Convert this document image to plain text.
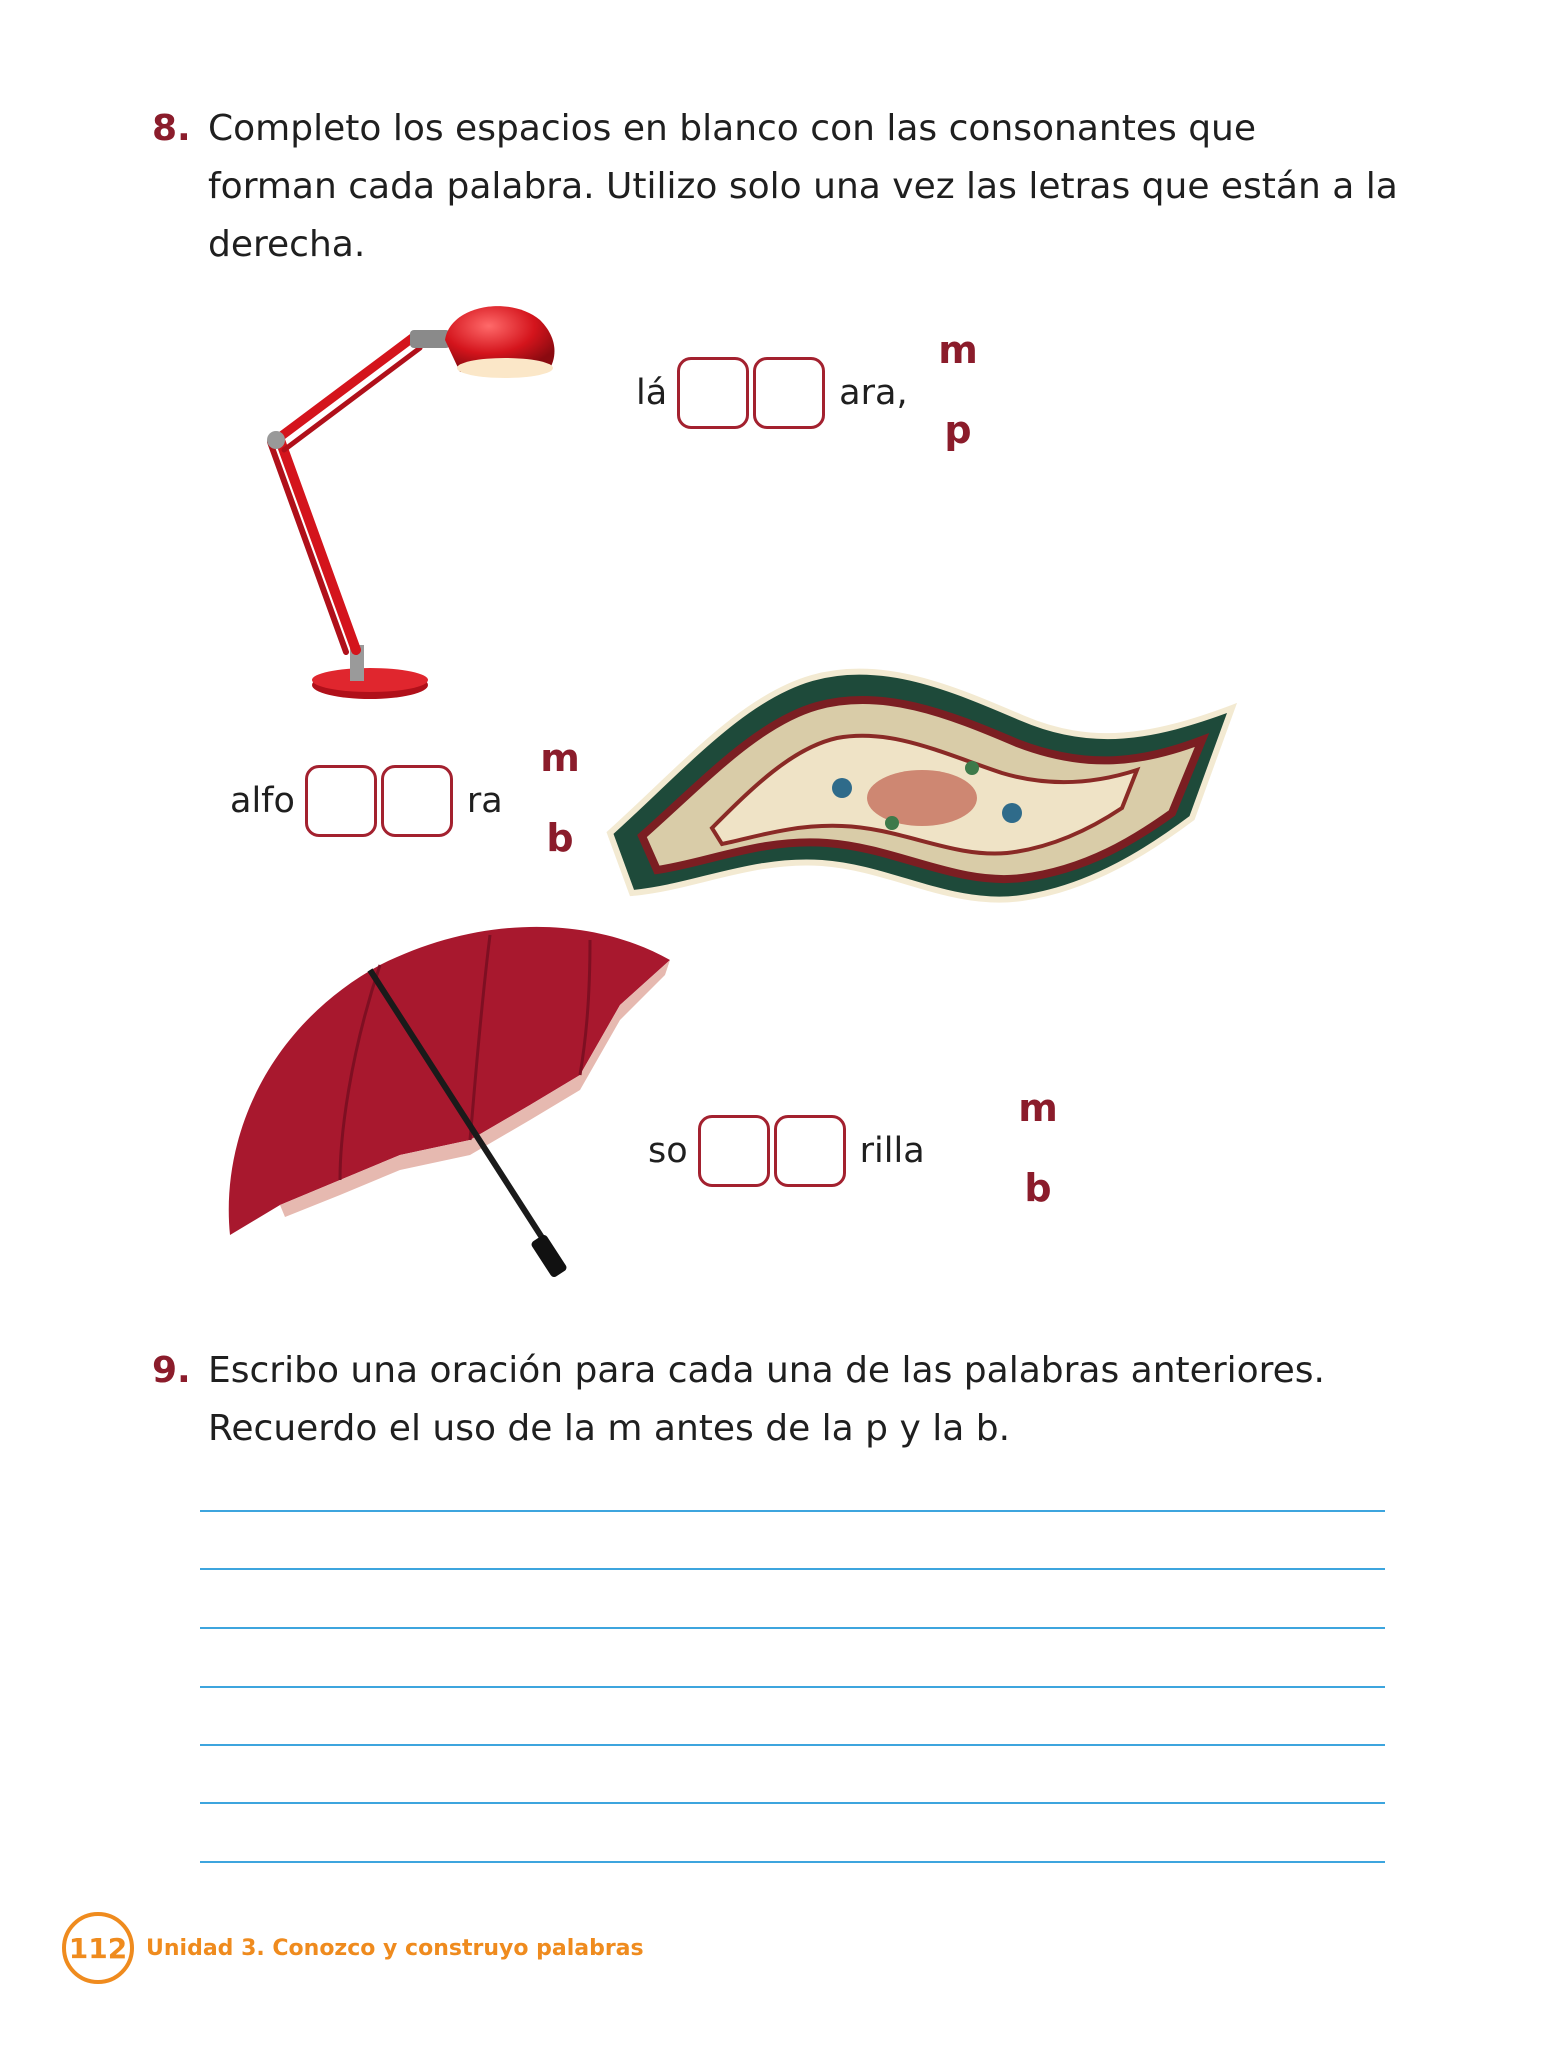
8. Completo los espacios en blanco con las consonantes que
forman cada palabra. Utilizo solo una vez las letras que están a la
derecha.
lá	ara,
m
p
alfo	ra
m
b
so	rilla
m
b
9. Escribo una oración para cada una de las palabras anteriores.
Recuerdo el uso de la m antes de la p y la b.
112 Unidad 3. Conozco y construyo palabras
